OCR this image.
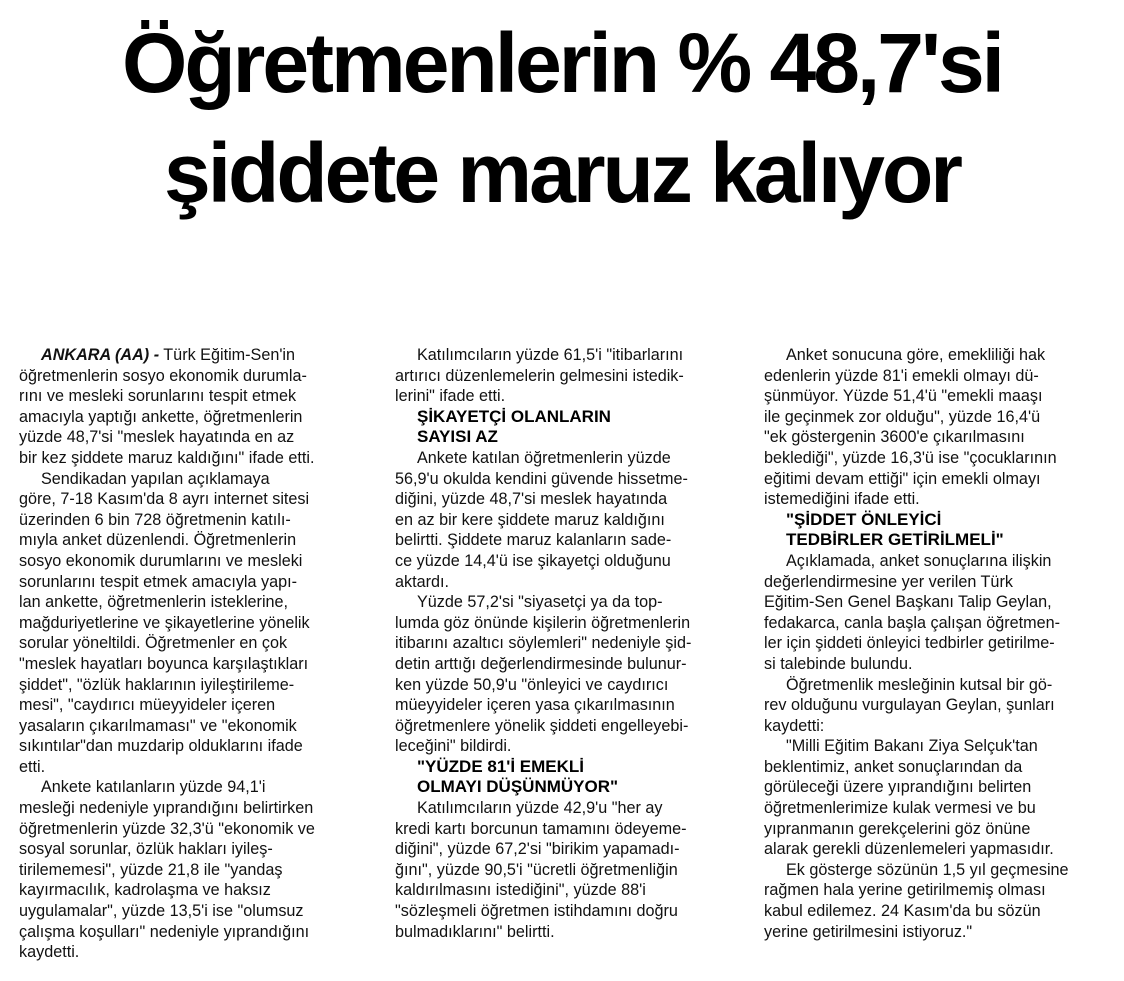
Öğretmenlerin % 48,7'si
şiddete maruz kalıyor
ANKARA (AA) - Türk Eğitim-Sen'in
öğretmenlerin sosyo ekonomik durumla-
rını ve mesleki sorunlarını tespit etmek
amacıyla yaptığı ankette, öğretmenlerin
yüzde 48,7'si "meslek hayatında en az
bir kez şiddete maruz kaldığını" ifade etti.
Sendikadan yapılan açıklamaya
göre, 7-18 Kasım'da 8 ayrı internet sitesi
üzerinden 6 bin 728 öğretmenin katılı-
mıyla anket düzenlendi. Öğretmenlerin
sosyo ekonomik durumlarını ve mesleki
sorunlarını tespit etmek amacıyla yapı-
lan ankette, öğretmenlerin isteklerine,
mağduriyetlerine ve şikayetlerine yönelik
sorular yöneltildi. Öğretmenler en çok
"meslek hayatları boyunca karşılaştıkları
şiddet", "özlük haklarının iyileştirileme-
mesi", "caydırıcı müeyyideler içeren
yasaların çıkarılmaması" ve "ekonomik
sıkıntılar"dan muzdarip olduklarını ifade
etti.
Ankete katılanların yüzde 94,1'i
mesleği nedeniyle yıprandığını belirtirken
öğretmenlerin yüzde 32,3'ü "ekonomik ve
sosyal sorunlar, özlük hakları iyileş-
tirilememesi", yüzde 21,8 ile "yandaş
kayırmacılık, kadrolaşma ve haksız
uygulamalar", yüzde 13,5'i ise "olumsuz
çalışma koşulları" nedeniyle yıprandığını
kaydetti.
Katılımcıların yüzde 61,5'i "itibarlarını
artırıcı düzenlemelerin gelmesini istedik-
lerini" ifade etti.
ŞİKAYETÇİ OLANLARIN
SAYISI AZ
Ankete katılan öğretmenlerin yüzde
56,9'u okulda kendini güvende hissetme-
diğini, yüzde 48,7'si meslek hayatında
en az bir kere şiddete maruz kaldığını
belirtti. Şiddete maruz kalanların sade-
ce yüzde 14,4'ü ise şikayetçi olduğunu
aktardı.
Yüzde 57,2'si "siyasetçi ya da top-
lumda göz önünde kişilerin öğretmenlerin
itibarını azaltıcı söylemleri" nedeniyle şid-
detin arttığı değerlendirmesinde bulunur-
ken yüzde 50,9'u "önleyici ve caydırıcı
müeyyideler içeren yasa çıkarılmasının
öğretmenlere yönelik şiddeti engelleyebi-
leceğini" bildirdi.
"YÜZDE 81'İ EMEKLİ
OLMAYI DÜŞÜNMÜYOR"
Katılımcıların yüzde 42,9'u "her ay
kredi kartı borcunun tamamını ödeyeme-
diğini", yüzde 67,2'si "birikim yapamadı-
ğını", yüzde 90,5'i "ücretli öğretmenliğin
kaldırılmasını istediğini", yüzde 88'i
"sözleşmeli öğretmen istihdamını doğru
bulmadıklarını" belirtti.
Anket sonucuna göre, emekliliği hak
edenlerin yüzde 81'i emekli olmayı dü-
şünmüyor. Yüzde 51,4'ü "emekli maaşı
ile geçinmek zor olduğu", yüzde 16,4'ü
"ek göstergenin 3600'e çıkarılmasını
beklediği", yüzde 16,3'ü ise "çocuklarının
eğitimi devam ettiği" için emekli olmayı
istemediğini ifade etti.
"ŞİDDET ÖNLEYİCİ
TEDBİRLER GETİRİLMELİ"
Açıklamada, anket sonuçlarına ilişkin
değerlendirmesine yer verilen Türk
Eğitim-Sen Genel Başkanı Talip Geylan,
fedakarca, canla başla çalışan öğretmen-
ler için şiddeti önleyici tedbirler getirilme-
si talebinde bulundu.
Öğretmenlik mesleğinin kutsal bir gö-
rev olduğunu vurgulayan Geylan, şunları
kaydetti:
"Milli Eğitim Bakanı Ziya Selçuk'tan
beklentimiz, anket sonuçlarından da
görüleceği üzere yıprandığını belirten
öğretmenlerimize kulak vermesi ve bu
yıpranmanın gerekçelerini göz önüne
alarak gerekli düzenlemeleri yapmasıdır.
Ek gösterge sözünün 1,5 yıl geçmesine
rağmen hala yerine getirilmemiş olması
kabul edilemez. 24 Kasım'da bu sözün
yerine getirilmesini istiyoruz."
